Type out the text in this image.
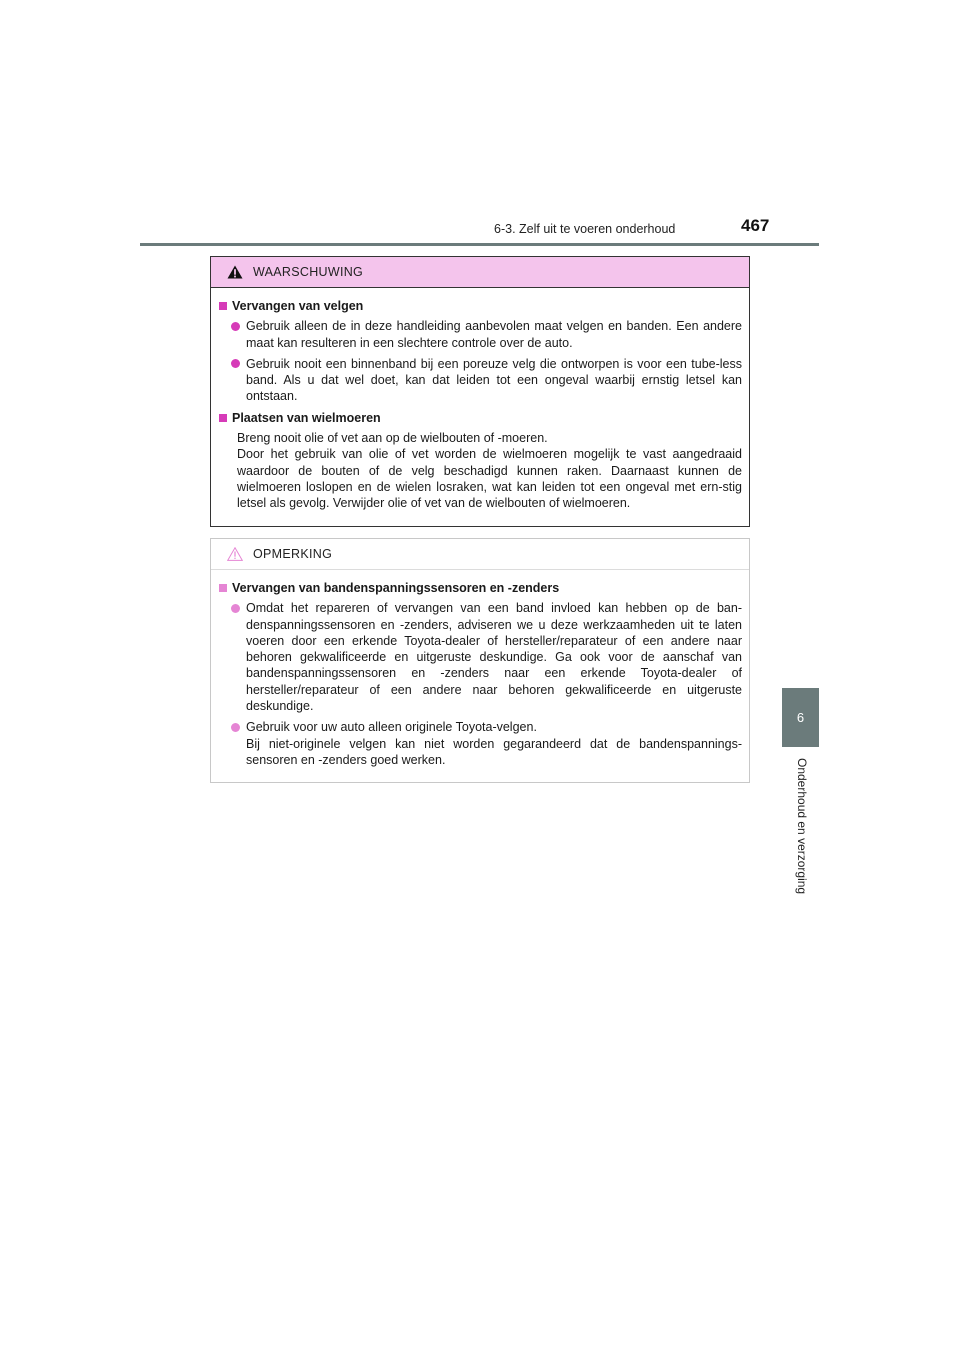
6-3. Zelf uit te voeren onderhoud	467
6
Onderhoud en verzorging
WAARSCHUWING
Vervangen van velgen
Gebruik alleen de in deze handleiding aanbevolen maat velgen en banden. Een andere maat kan resulteren in een slechtere controle over de auto.
Gebruik nooit een binnenband bij een poreuze velg die ontworpen is voor een tube-less band. Als u dat wel doet, kan dat leiden tot een ongeval waarbij ernstig letsel kan ontstaan.
Plaatsen van wielmoeren
Breng nooit olie of vet aan op de wielbouten of -moeren.
Door het gebruik van olie of vet worden de wielmoeren mogelijk te vast aangedraaid waardoor de bouten of de velg beschadigd kunnen raken. Daarnaast kunnen de wielmoeren loslopen en de wielen losraken, wat kan leiden tot een ongeval met ern-stig letsel als gevolg. Verwijder olie of vet van de wielbouten of wielmoeren.
OPMERKING
Vervangen van bandenspanningssensoren en -zenders
Omdat het repareren of vervangen van een band invloed kan hebben op de ban-denspanningssensoren en -zenders, adviseren we u deze werkzaamheden uit te laten voeren door een erkende Toyota-dealer of hersteller/reparateur of een andere naar behoren gekwalificeerde en uitgeruste deskundige. Ga ook voor de aanschaf van bandenspanningssensoren en -zenders naar een erkende Toyota-dealer of hersteller/reparateur of een andere naar behoren gekwalificeerde en uitgeruste deskundige.
Gebruik voor uw auto alleen originele Toyota-velgen.
Bij niet-originele velgen kan niet worden gegarandeerd dat de bandenspannings-sensoren en -zenders goed werken.
